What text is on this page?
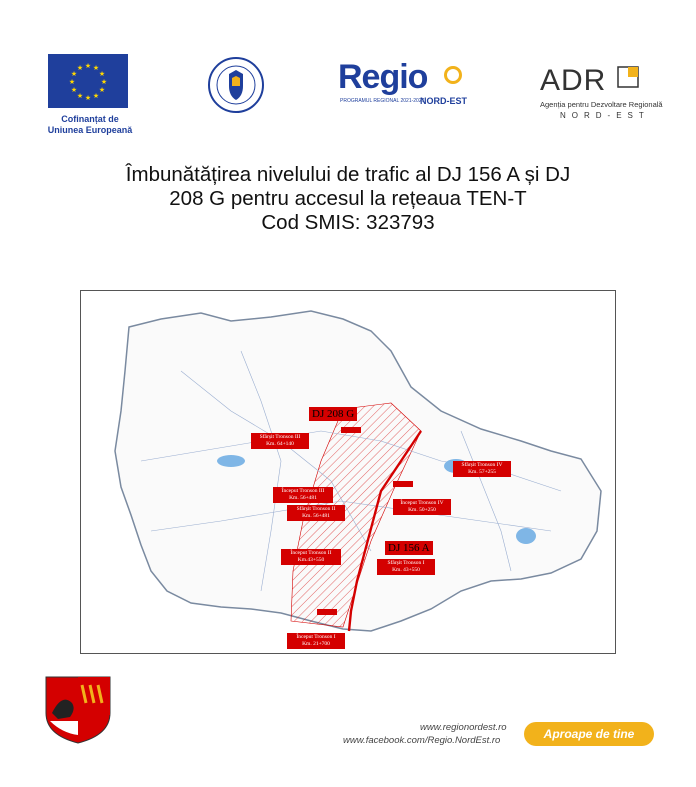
★ ★
★
★
★
★
★
★
★
★
★
★
Cofinanțat de
Uniunea Europeană
Regio
PROGRAMUL REGIONAL 2021-2027
NORD-EST
ADR
Agenția pentru Dezvoltare Regională
NORD-EST
Îmbunătățirea nivelului de trafic al DJ 156 A și DJ
208 G pentru accesul la rețeaua TEN-T
Cod SMIS: 323793
DJ 208 G
DJ 156 A
Sfârșit Tronson III
Km. 64+140
Început Tronson III
Km. 56+481
Sfârșit Tronson II
Km. 56+481
Început Tronson II
Km.43+550
Început Tronson I
Km. 21+700
Sfârșit Tronson I
Km. 43+550
Început Tronson IV
Km. 50+250
Sfârșit Tronson IV
Km. 57+255
www.regionordest.ro
www.facebook.com/Regio.NordEst.ro	Aproape de tine
